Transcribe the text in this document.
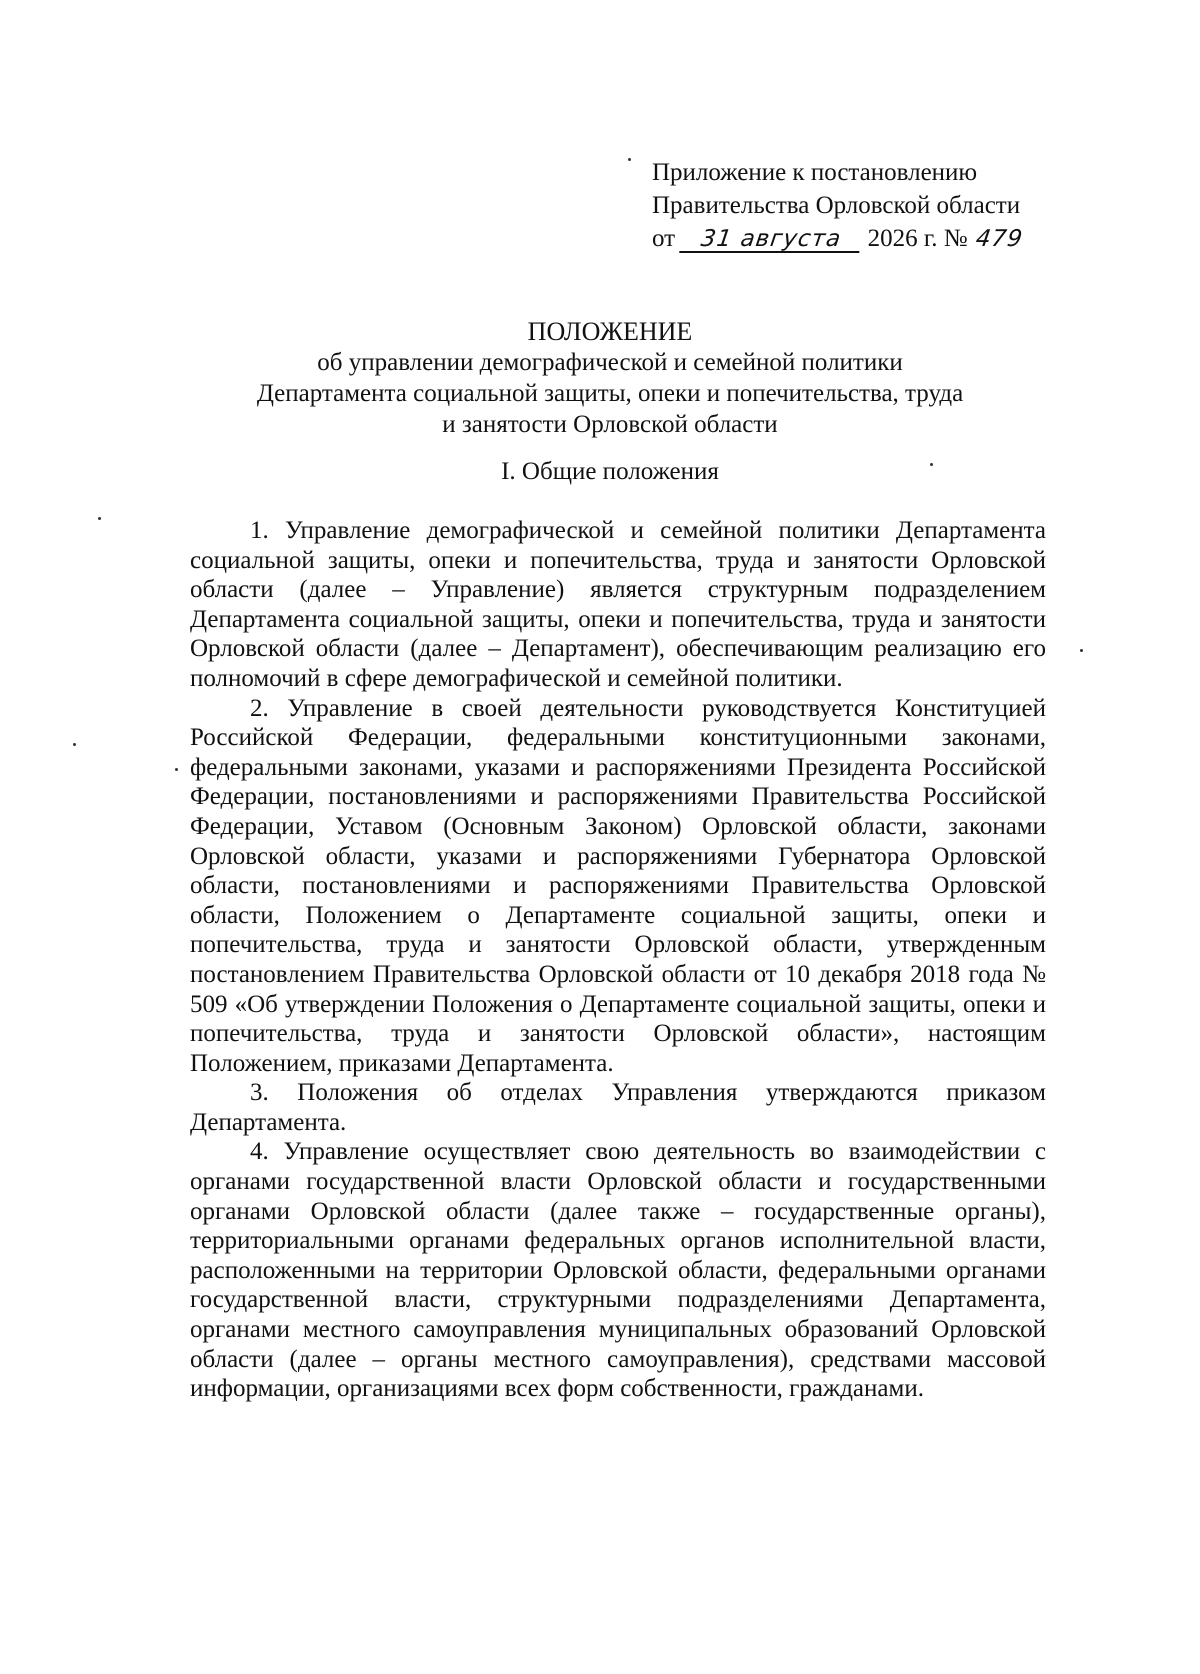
Приложение к постановлению
Правительства Орловской области
от 31 августа 2026 г. № 479
ПОЛОЖЕНИЕ
об управлении демографической и семейной политики
Департамента социальной защиты, опеки и попечительства, труда
и занятости Орловской области
I. Общие положения

1. Управление демографической и семейной политики Департамента социальной защиты, опеки и попечительства, труда и занятости Орловской области (далее – Управление) является структурным подразделением Департамента социальной защиты, опеки и попечительства, труда и занятости Орловской области (далее – Департамент), обеспечивающим реализацию его полномочий в сфере демографической и семейной политики.

2. Управление в своей деятельности руководствуется Конституцией Российской Федерации, федеральными конституционными законами, федеральными законами, указами и распоряжениями Президента Российской Федерации, постановлениями и распоряжениями Правительства Российской Федерации, Уставом (Основным Законом) Орловской области, законами Орловской области, указами и распоряжениями Губернатора Орловской области, постановлениями и распоряжениями Правительства Орловской области, Положением о Департаменте социальной защиты, опеки и попечительства, труда и занятости Орловской области, утвержденным постановлением Правительства Орловской области от 10 декабря 2018 года № 509 «Об утверждении Положения о Департаменте социальной защиты, опеки и попечительства, труда и занятости Орловской области», настоящим Положением, приказами Департамента.

3. Положения об отделах Управления утверждаются приказом Департамента.

4. Управление осуществляет свою деятельность во взаимодействии с органами государственной власти Орловской области и государственными органами Орловской области (далее также – государственные органы), территориальными органами федеральных органов исполнительной власти, расположенными на территории Орловской области, федеральными органами государственной власти, структурными подразделениями Департамента, органами местного самоуправления муниципальных образований Орловской области (далее – органы местного самоуправления), средствами массовой информации, организациями всех форм собственности, гражданами.
